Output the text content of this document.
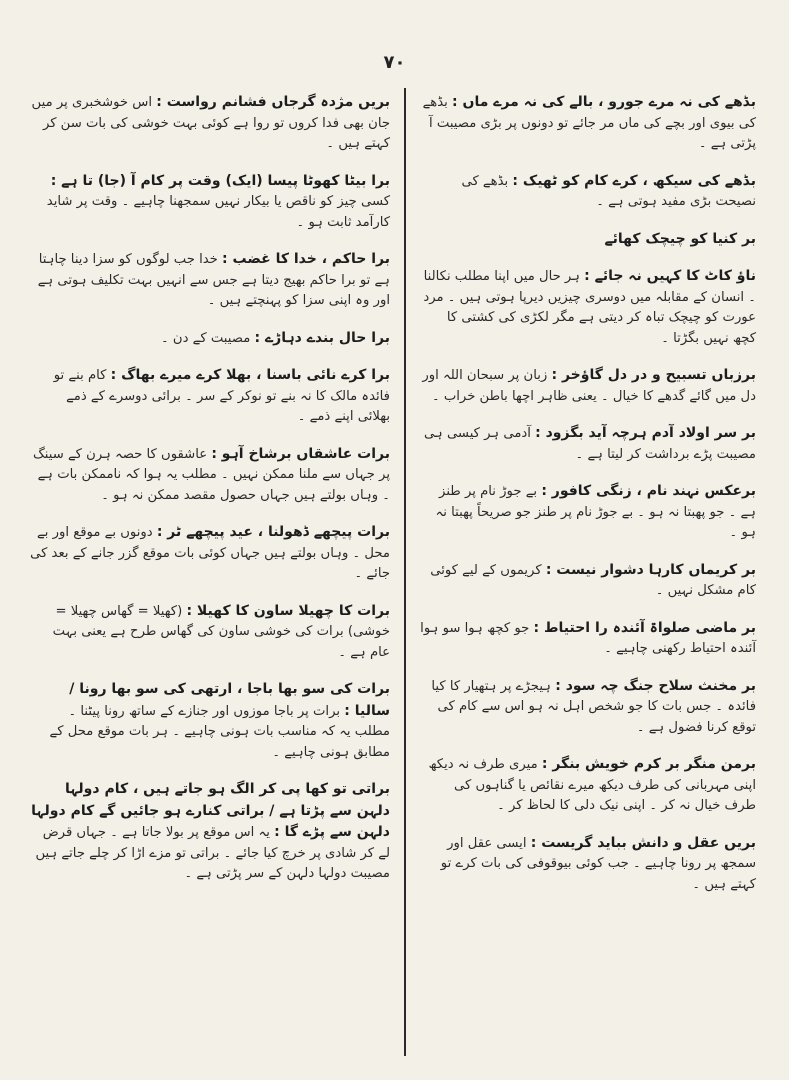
۷۰
بڈھے کی نہ مرے جورو ، بالے کی نہ مرے ماں : بڈھے کی بیوی اور بچے کی ماں مر جائے تو دونوں پر بڑی مصیبت آ پڑتی ہے ۔
بڈھے کی سیکھ ، کرے کام کو ٹھیک : بڈھے کی نصیحت بڑی مفید ہوتی ہے ۔
بر کنیا کو چیچک کھائے
ناؤ کاٹ کا کہیں نہ جائے : ہر حال میں اپنا مطلب نکالنا ۔ انسان کے مقابلہ میں دوسری چیزیں دیرپا ہوتی ہیں ۔ مرد عورت کو چیچک تباہ کر دیتی ہے مگر لکڑی کی کشتی کا کچھ نہیں بگڑتا ۔
برزباں تسبیح و در دل گاؤخر : زبان پر سبحان اللہ اور دل میں گائے گدھے کا خیال ۔ یعنی ظاہر اچھا باطن خراب ۔
بر سر اولاد آدم ہرچہ آید بگزود : آدمی ہر کیسی ہی مصیبت پڑے برداشت کر لیتا ہے ۔
برعکس نہند نام ، زنگی کافور : بے جوڑ نام پر طنز ہے ۔ جو پھبتا نہ ہو ۔ بے جوڑ نام پر طنز جو صریحاً پھبتا نہ ہو ۔
بر کریماں کارہا دشوار نیست : کریموں کے لیے کوئی کام مشکل نہیں ۔
بر ماضی صلواۃ آئندہ را احتیاط : جو کچھ ہوا سو ہوا آئندہ احتیاط رکھنی چاہیے ۔
بر مخنث سلاح جنگ چہ سود : ہیجڑے پر ہتھیار کا کیا فائدہ ۔ جس بات کا جو شخص اہل نہ ہو اس سے کام کی توقع کرنا فضول ہے ۔
برمن منگر بر کرم خویش بنگر : میری طرف نہ دیکھ اپنی مہربانی کی طرف دیکھ میرے نقائص یا گناہوں کی طرف خیال نہ کر ۔ اپنی نیک دلی کا لحاظ کر ۔
بریں عقل و دانش بباید گریست : ایسی عقل اور سمجھ پر رونا چاہیے ۔ جب کوئی بیوقوفی کی بات کرے تو کہتے ہیں ۔
بریں مژدہ گرجاں فشانم رواست : اس خوشخبری پر میں جان بھی فدا کروں تو روا ہے کوئی بہت خوشی کی بات سن کر کہتے ہیں ۔
برا بیٹا کھوٹا پیسا (ایک) وقت پر کام آ (جا) تا ہے : کسی چیز کو ناقص یا بیکار نہیں سمجھنا چاہیے ۔ وقت پر شاید کارآمد ثابت ہو ۔
برا حاکم ، خدا کا غضب : خدا جب لوگوں کو سزا دینا چاہتا ہے تو برا حاکم بھیج دیتا ہے جس سے انہیں بہت تکلیف ہوتی ہے اور وہ اپنی سزا کو پہنچتے ہیں ۔
برا حال بندے دہاڑے : مصیبت کے دن ۔
برا کرے نائی باسنا ، بھلا کرے میرے بھاگ : کام بنے تو فائدہ مالک کا نہ بنے تو نوکر کے سر ۔ برائی دوسرے کے ذمے بھلائی اپنے ذمے ۔
برات عاشقاں برشاخ آہو : عاشقوں کا حصہ ہرن کے سینگ پر جہاں سے ملنا ممکن نہیں ۔ مطلب یہ ہوا کہ ناممکن بات ہے ۔ وہاں بولتے ہیں جہاں حصول مقصد ممکن نہ ہو ۔
برات پیچھے ڈھولنا ، عید پیچھے ٹر : دونوں بے موقع اور بے محل ۔ وہاں بولتے ہیں جہاں کوئی بات موقع گزر جانے کے بعد کی جائے ۔
برات کا چھیلا ساون کا کھیلا : (کھیلا = گھاس چھیلا = خوشی) برات کی خوشی ساون کی گھاس طرح ہے یعنی بہت عام ہے ۔
برات کی سو بھا باجا ، ارتھی کی سو بھا رونا / سالیا : برات پر باجا موزوں اور جنازے کے ساتھ رونا پیٹنا ۔ مطلب یہ کہ مناسب بات ہونی چاہیے ۔ ہر بات موقع محل کے مطابق ہونی چاہیے ۔
براتی تو کھا پی کر الگ ہو جاتے ہیں ، کام دولہا دلہن سے پڑتا ہے / براتی کنارے ہو جائیں گے کام دولہا دلہن سے پڑے گا : یہ اس موقع پر بولا جاتا ہے ۔ جہاں قرض لے کر شادی پر خرچ کیا جائے ۔ براتی تو مزے اڑا کر چلے جاتے ہیں مصیبت دولہا دلہن کے سر پڑتی ہے ۔
